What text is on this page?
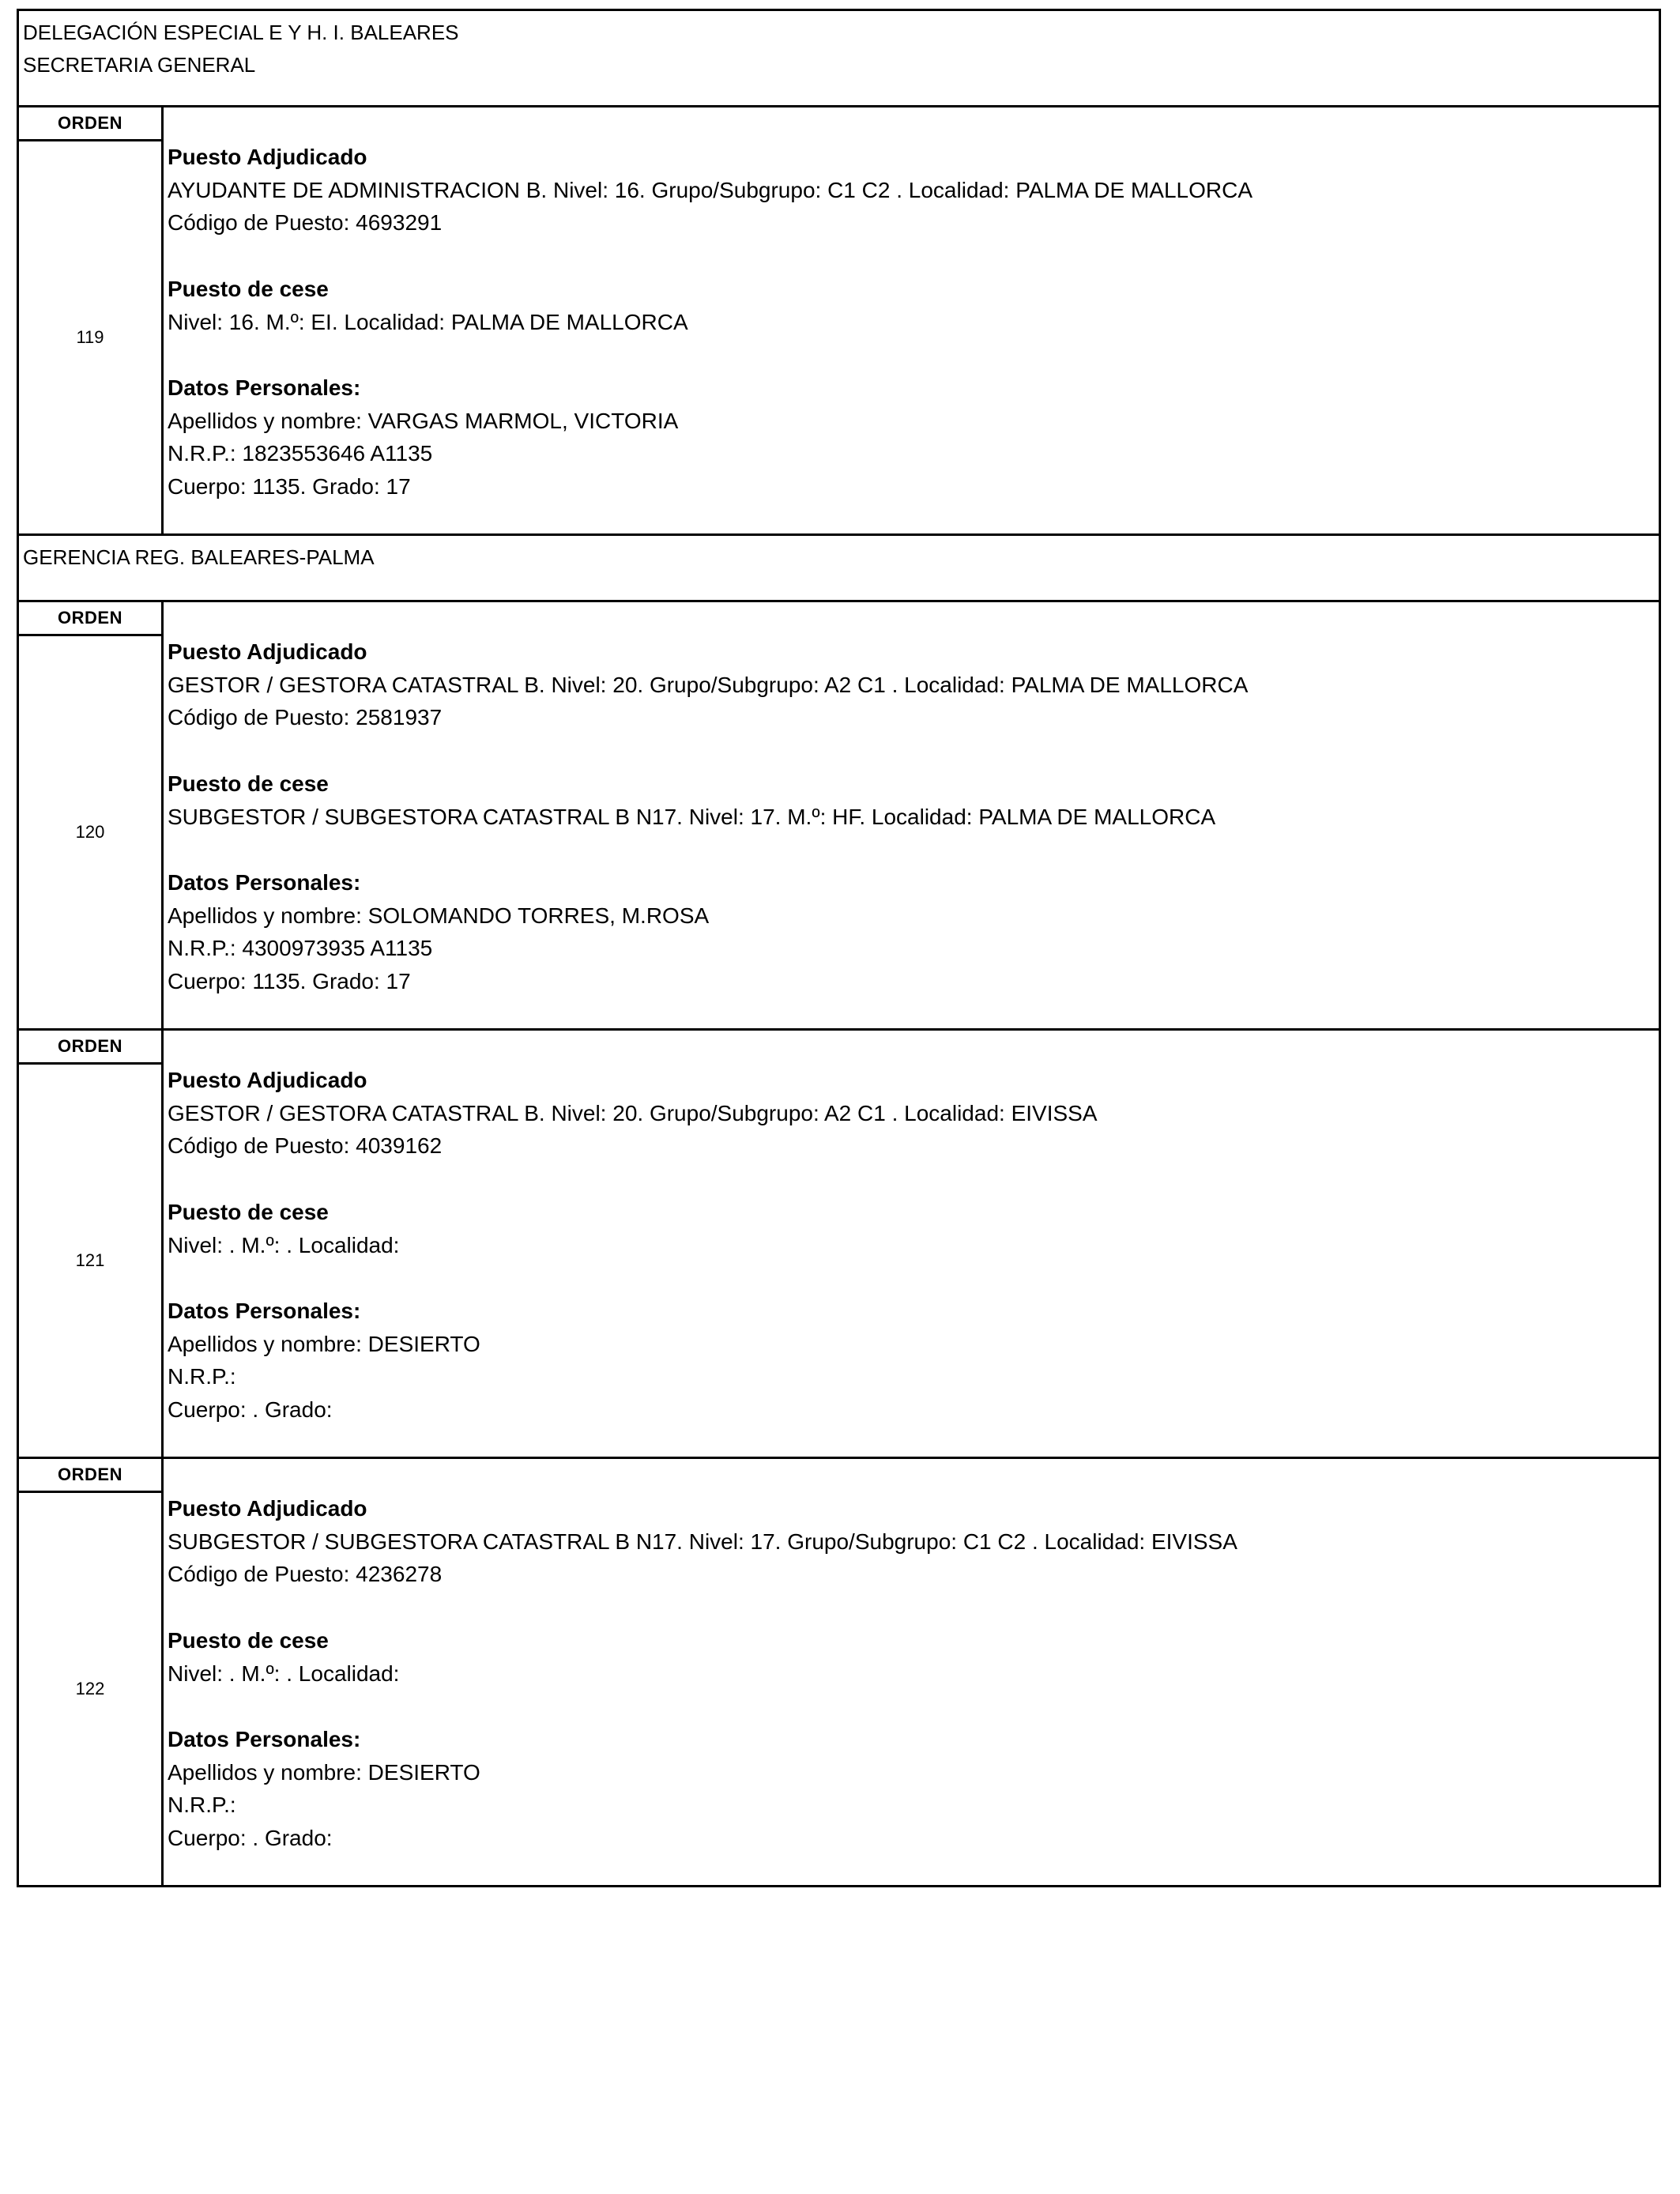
DELEGACIÓN ESPECIAL E Y H. I. BALEARES
SECRETARIA GENERAL
ORDEN
119
Puesto Adjudicado
AYUDANTE DE ADMINISTRACION B. Nivel: 16. Grupo/Subgrupo: C1 C2 . Localidad: PALMA DE MALLORCA
Código de Puesto: 4693291
Puesto de cese
Nivel: 16. M.º: EI. Localidad: PALMA DE MALLORCA
Datos Personales:
Apellidos y nombre: VARGAS MARMOL, VICTORIA
N.R.P.: 1823553646 A1135
Cuerpo: 1135. Grado: 17
GERENCIA REG. BALEARES-PALMA
ORDEN
120
Puesto Adjudicado
GESTOR / GESTORA CATASTRAL B. Nivel: 20. Grupo/Subgrupo: A2 C1 . Localidad: PALMA DE MALLORCA
Código de Puesto: 2581937
Puesto de cese
SUBGESTOR / SUBGESTORA CATASTRAL B N17. Nivel: 17. M.º: HF. Localidad: PALMA DE MALLORCA
Datos Personales:
Apellidos y nombre: SOLOMANDO TORRES, M.ROSA
N.R.P.: 4300973935 A1135
Cuerpo: 1135. Grado: 17
ORDEN
121
Puesto Adjudicado
GESTOR / GESTORA CATASTRAL B. Nivel: 20. Grupo/Subgrupo: A2 C1 . Localidad: EIVISSA
Código de Puesto: 4039162
Puesto de cese
Nivel: . M.º: . Localidad:
Datos Personales:
Apellidos y nombre: DESIERTO
N.R.P.:
Cuerpo: . Grado:
ORDEN
122
Puesto Adjudicado
SUBGESTOR / SUBGESTORA CATASTRAL B N17. Nivel: 17. Grupo/Subgrupo: C1 C2 . Localidad: EIVISSA
Código de Puesto: 4236278
Puesto de cese
Nivel: . M.º: . Localidad:
Datos Personales:
Apellidos y nombre: DESIERTO
N.R.P.:
Cuerpo: . Grado:
